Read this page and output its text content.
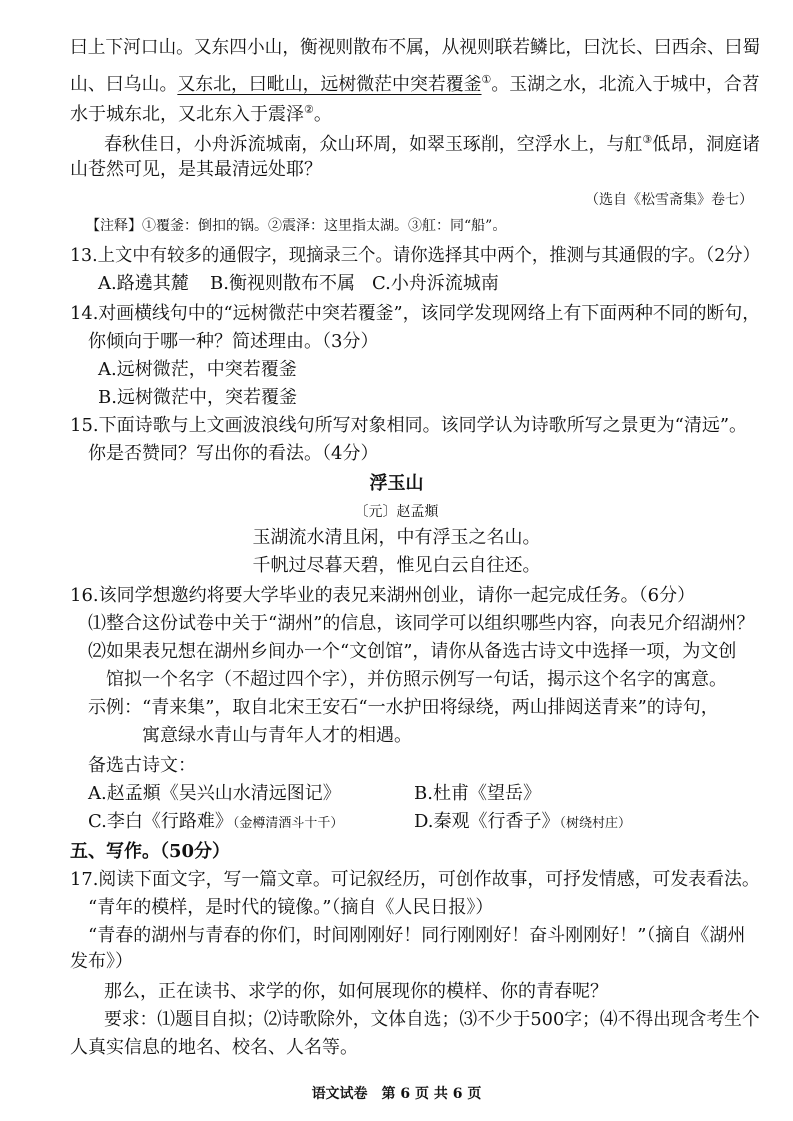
曰上下河口山。又东四小山，衡视则散布不属，从视则联若鳞比，曰沈长、曰西余、曰蜀
山、曰乌山。又东北，曰毗山，远树微茫中突若覆釜①。玉湖之水，北流入于城中，合苕
水于城东北，又北东入于震泽②。
春秋佳日，小舟泝流城南，众山环周，如翠玉琢削，空浮水上，与舡③低昂，洞庭诸
山苍然可见，是其最清远处耶？
（选自《松雪斋集》卷七）
【注释】①覆釜：倒扣的锅。②震泽：这里指太湖。③舡：同“船”。
13.上文中有较多的通假字，现摘录三个。请你选择其中两个，推测与其通假的字。（2分）
A.路遶其麓 B.衡视则散布不属 C.小舟泝流城南
14.对画横线句中的“远树微茫中突若覆釜”，该同学发现网络上有下面两种不同的断句，
你倾向于哪一种？简述理由。（3分）
A.远树微茫，中突若覆釜
B.远树微茫中，突若覆釜
15.下面诗歌与上文画波浪线句所写对象相同。该同学认为诗歌所写之景更为“清远”。
你是否赞同？写出你的看法。（4分）
浮玉山
〔元〕赵孟頫
玉湖流水清且闲，中有浮玉之名山。
千帆过尽暮天碧，惟见白云自往还。
16.该同学想邀约将要大学毕业的表兄来湖州创业，请你一起完成任务。（6分）
⑴整合这份试卷中关于“湖州”的信息，该同学可以组织哪些内容，向表兄介绍湖州？
⑵如果表兄想在湖州乡间办一个“文创馆”，请你从备选古诗文中选择一项，为文创
馆拟一个名字（不超过四个字），并仿照示例写一句话，揭示这个名字的寓意。
示例：“青来集”，取自北宋王安石“一水护田将绿绕，两山排闼送青来”的诗句，
寓意绿水青山与青年人才的相遇。
备选古诗文：
A.赵孟頫《吴兴山水清远图记》	B.杜甫《望岳》
C.李白《行路难》（金樽清酒斗十千）	D.秦观《行香子》（树绕村庄）
五、写作。（50分）
17.阅读下面文字，写一篇文章。可记叙经历，可创作故事，可抒发情感，可发表看法。
“青年的模样，是时代的镜像。”（摘自《人民日报》）
“青春的湖州与青春的你们，时间刚刚好！同行刚刚好！奋斗刚刚好！”（摘自《湖州
发布》）
那么，正在读书、求学的你，如何展现你的模样、你的青春呢？
要求：⑴题目自拟；⑵诗歌除外，文体自选；⑶不少于500字；⑷不得出现含考生个
人真实信息的地名、校名、人名等。
语文试卷　第 6 页 共 6 页
